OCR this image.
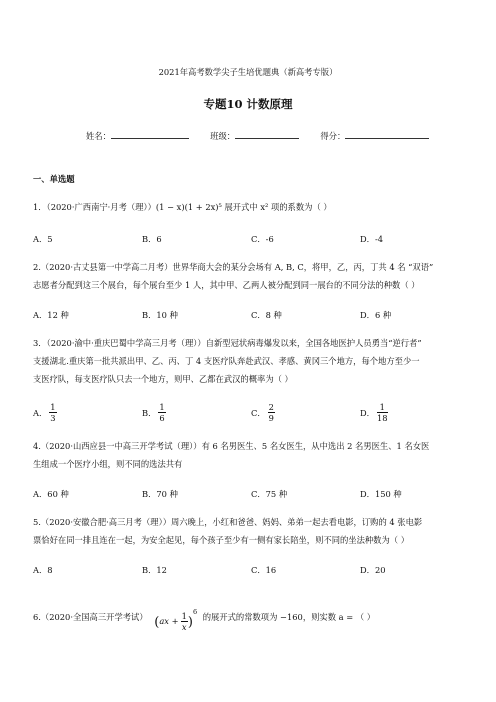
2021年高考数学尖子生培优题典（新高考专版）
专题10 计数原理
姓名：	班级：	得分：
一、单选题

1．（2020·广西南宁·月考（理））(1 − x)(1 + 2x)⁵ 展开式中 x² 项的系数为（ ）

A．5	B．6	C．-6	D．-4

2.（2020·古丈县第一中学高二月考）世界华商大会的某分会场有 A, B, C，将甲，乙，丙，丁共 4 名 “双语”

志愿者分配到这三个展台，每个展台至少 1 人，其中甲、乙两人被分配到同一展台的不同分法的种数（ ）

A．12 种	B．10 种	C．8 种	D．6 种

3．（2020·渝中·重庆巴蜀中学高三月考（理））自新型冠状病毒爆发以来，全国各地医护人员勇当“逆行者”

支援湖北.重庆第一批共派出甲、乙、丙、丁 4 支医疗队奔赴武汉、孝感、黄冈三个地方，每个地方至少一

支医疗队，每支医疗队只去一个地方，则甲、乙都在武汉的概率为（ ）

A． $\frac{1}{3}$	B． $\frac{1}{6}$	C． $\frac{2}{9}$	D． $\frac{1}{18}$

4.（2020·山西应县一中高三开学考试（理））有 6 名男医生、5 名女医生，从中选出 2 名男医生、1 名女医

生组成一个医疗小组，则不同的选法共有

A．60 种	B．70 种	C．75 种	D．150 种

5.（2020·安徽合肥·高三月考（理））周六晚上，小红和爸爸、妈妈、弟弟一起去看电影，订购的 4 张电影

票恰好在同一排且连在一起，为安全起见，每个孩子至少有一侧有家长陪坐，则不同的坐法种数为（ ）

A．8	B．12	C．16	D．20
6.（2020·全国高三开学考试） $(ax + \frac{1}{x} )^6$ 的展开式的常数项为 −160，则实数 a = （ ）
